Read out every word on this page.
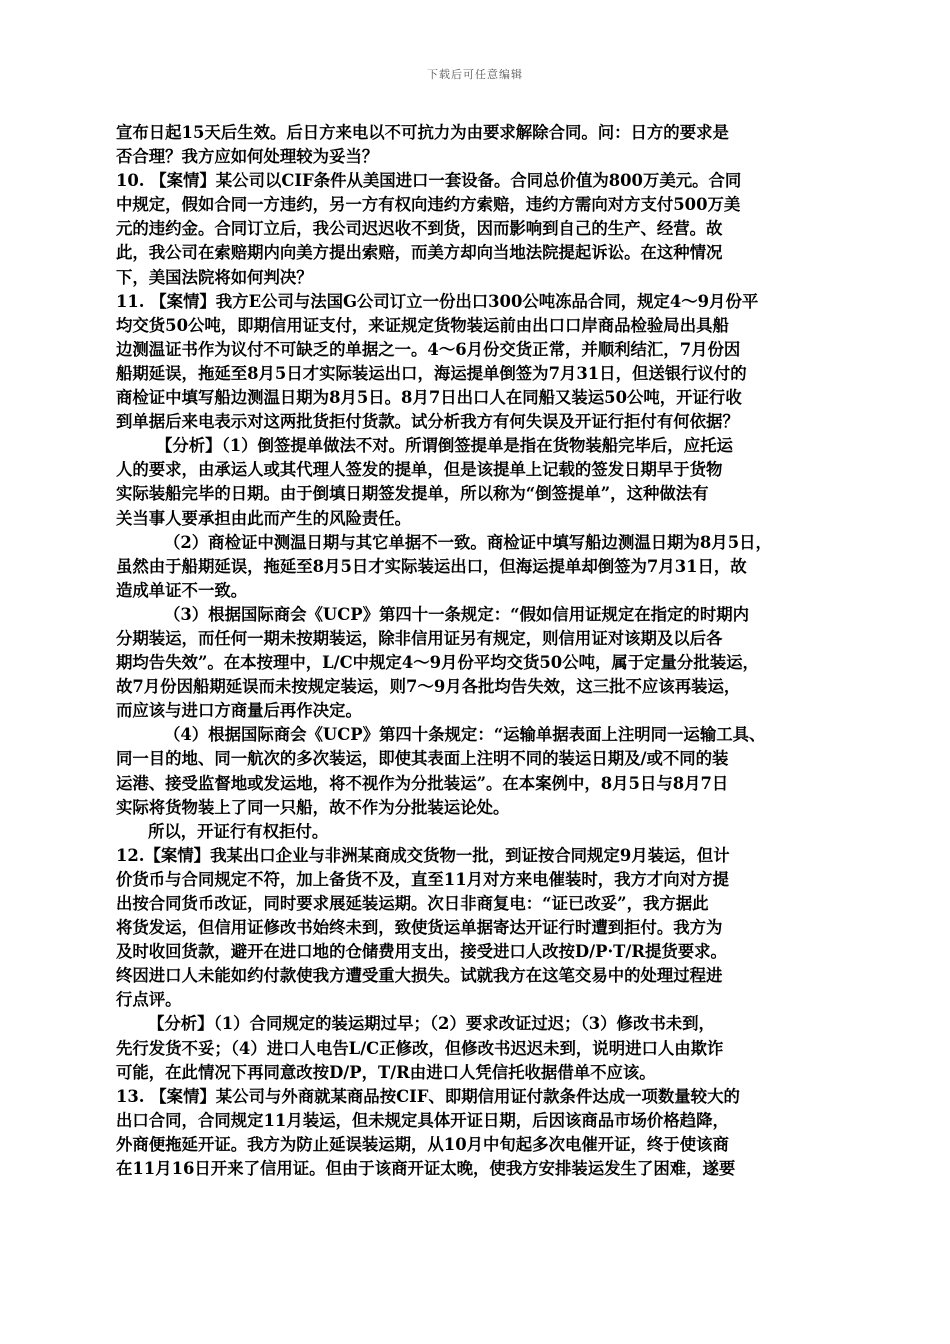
下载后可任意编辑
宣布日起15天后生效。后日方来电以不可抗力为由要求解除合同。问：日方的要求是
否合理？我方应如何处理较为妥当？
10. 【案情】某公司以CIF条件从美国进口一套设备。合同总价值为800万美元。合同
中规定，假如合同一方违约，另一方有权向违约方索赔，违约方需向对方支付500万美
元的违约金。合同订立后，我公司迟迟收不到货，因而影响到自己的生产、经营。故
此，我公司在索赔期内向美方提出索赔，而美方却向当地法院提起诉讼。在这种情况
下，美国法院将如何判决？
11. 【案情】我方E公司与法国G公司订立一份出口300公吨冻品合同，规定4～9月份平
均交货50公吨，即期信用证支付，来证规定货物装运前由出口口岸商品检验局出具船
边测温证书作为议付不可缺乏的单据之一。4～6月份交货正常，并顺利结汇，7月份因
船期延误，拖延至8月5日才实际装运出口，海运提单倒签为7月31日，但送银行议付的
商检证中填写船边测温日期为8月5日。8月7日出口人在同船又装运50公吨，开证行收
到单据后来电表示对这两批货拒付货款。试分析我方有何失误及开证行拒付有何依据？
【分析】（1）倒签提单做法不对。所谓倒签提单是指在货物装船完毕后，应托运
人的要求，由承运人或其代理人签发的提单，但是该提单上记载的签发日期早于货物
实际装船完毕的日期。由于倒填日期签发提单，所以称为“倒签提单”，这种做法有
关当事人要承担由此而产生的风险责任。
（2）商检证中测温日期与其它单据不一致。商检证中填写船边测温日期为8月5日，
虽然由于船期延误，拖延至8月5日才实际装运出口，但海运提单却倒签为7月31日，故
造成单证不一致。
（3）根据国际商会《UCP》第四十一条规定：“假如信用证规定在指定的时期内
分期装运，而任何一期未按期装运，除非信用证另有规定，则信用证对该期及以后各
期均告失效”。在本按理中，L/C中规定4～9月份平均交货50公吨，属于定量分批装运，
故7月份因船期延误而未按规定装运，则7～9月各批均告失效，这三批不应该再装运，
而应该与进口方商量后再作决定。
（4）根据国际商会《UCP》第四十条规定：“运输单据表面上注明同一运输工具、
同一目的地、同一航次的多次装运，即使其表面上注明不同的装运日期及/或不同的装
运港、接受监督地或发运地，将不视作为分批装运”。在本案例中，8月5日与8月7日
实际将货物装上了同一只船，故不作为分批装运论处。
所以，开证行有权拒付。
12.【案情】我某出口企业与非洲某商成交货物一批，到证按合同规定9月装运，但计
价货币与合同规定不符，加上备货不及，直至11月对方来电催装时，我方才向对方提
出按合同货币改证，同时要求展延装运期。次日非商复电：“证已改妥”，我方据此
将货发运，但信用证修改书始终未到，致使货运单据寄达开证行时遭到拒付。我方为
及时收回货款，避开在进口地的仓储费用支出，接受进口人改按D/P·T/R提货要求。
终因进口人未能如约付款使我方遭受重大损失。试就我方在这笔交易中的处理过程进
行点评。
【分析】（1）合同规定的装运期过早；（2）要求改证过迟；（3）修改书未到，
先行发货不妥；（4）进口人电告L/C正修改，但修改书迟迟未到，说明进口人由欺诈
可能，在此情况下再同意改按D/P，T/R由进口人凭信托收据借单不应该。
13. 【案情】某公司与外商就某商品按CIF、即期信用证付款条件达成一项数量较大的
出口合同，合同规定11月装运，但未规定具体开证日期，后因该商品市场价格趋降，
外商便拖延开证。我方为防止延误装运期，从10月中旬起多次电催开证，终于使该商
在11月16日开来了信用证。但由于该商开证太晚，使我方安排装运发生了困难，遂要
